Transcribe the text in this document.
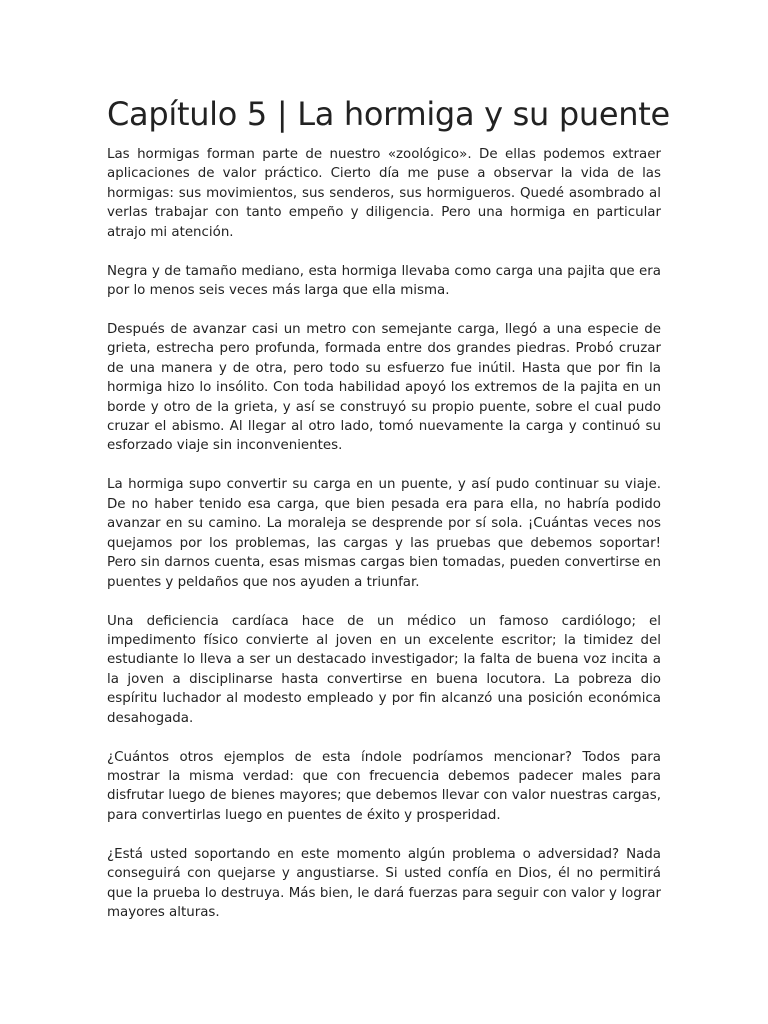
Capítulo 5 | La hormiga y su puente

Las hormigas forman parte de nuestro «zoológico». De ellas podemos extraer aplicaciones de valor práctico. Cierto día me puse a observar la vida de las hormigas: sus movimientos, sus senderos, sus hormigueros. Quedé asombrado al verlas trabajar con tanto empeño y diligencia. Pero una hormiga en particular atrajo mi atención.

Negra y de tamaño mediano, esta hormiga llevaba como carga una pajita que era por lo menos seis veces más larga que ella misma.

Después de avanzar casi un metro con semejante carga, llegó a una especie de grieta, estrecha pero profunda, formada entre dos grandes piedras. Probó cruzar de una manera y de otra, pero todo su esfuerzo fue inútil. Hasta que por fin la hormiga hizo lo insólito. Con toda habilidad apoyó los extremos de la pajita en un borde y otro de la grieta, y así se construyó su propio puente, sobre el cual pudo cruzar el abismo. Al llegar al otro lado, tomó nuevamente la carga y continuó su esforzado viaje sin inconvenientes.

La hormiga supo convertir su carga en un puente, y así pudo continuar su viaje. De no haber tenido esa carga, que bien pesada era para ella, no habría podido avanzar en su camino. La moraleja se desprende por sí sola. ¡Cuántas veces nos quejamos por los problemas, las cargas y las pruebas que debemos soportar! Pero sin darnos cuenta, esas mismas cargas bien tomadas, pueden convertirse en puentes y peldaños que nos ayuden a triunfar.

Una deficiencia cardíaca hace de un médico un famoso cardiólogo; el impedimento físico convierte al joven en un excelente escritor; la timidez del estudiante lo lleva a ser un destacado investigador; la falta de buena voz incita a la joven a disciplinarse hasta convertirse en buena locutora. La pobreza dio espíritu luchador al modesto empleado y por fin alcanzó una posición económica desahogada.

¿Cuántos otros ejemplos de esta índole podríamos mencionar? Todos para mostrar la misma verdad: que con frecuencia debemos padecer males para disfrutar luego de bienes mayores; que debemos llevar con valor nuestras cargas, para convertirlas luego en puentes de éxito y prosperidad.

¿Está usted soportando en este momento algún problema o adversidad? Nada conseguirá con quejarse y angustiarse. Si usted confía en Dios, él no permitirá que la prueba lo destruya. Más bien, le dará fuerzas para seguir con valor y lograr mayores alturas.
